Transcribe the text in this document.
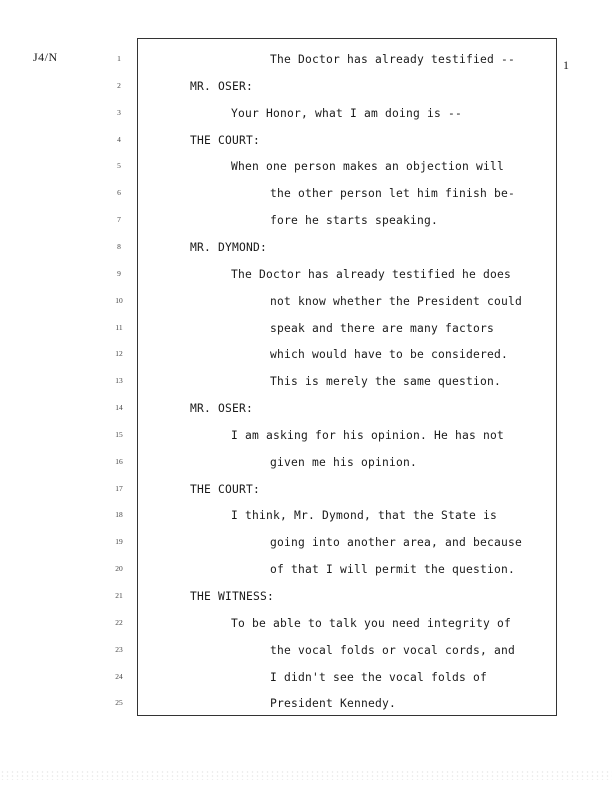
J4/N
1
1
2
3
4
5
6
7
8
9
10
11
12
13
14
15
16
17
18
19
20
21
22
23
24
25
The Doctor has already testified --
MR. OSER:
Your Honor, what I am doing is --
THE COURT:
When one person makes an objection will
the other person let him finish be-
fore he starts speaking.
MR. DYMOND:
The Doctor has already testified he does
not know whether the President could
speak and there are many factors
which would have to be considered.
This is merely the same question.
MR. OSER:
I am asking for his opinion. He has not
given me his opinion.
THE COURT:
I think, Mr. Dymond, that the State is
going into another area, and because
of that I will permit the question.
THE WITNESS:
To be able to talk you need integrity of
the vocal folds or vocal cords, and
I didn't see the vocal folds of
President Kennedy.
